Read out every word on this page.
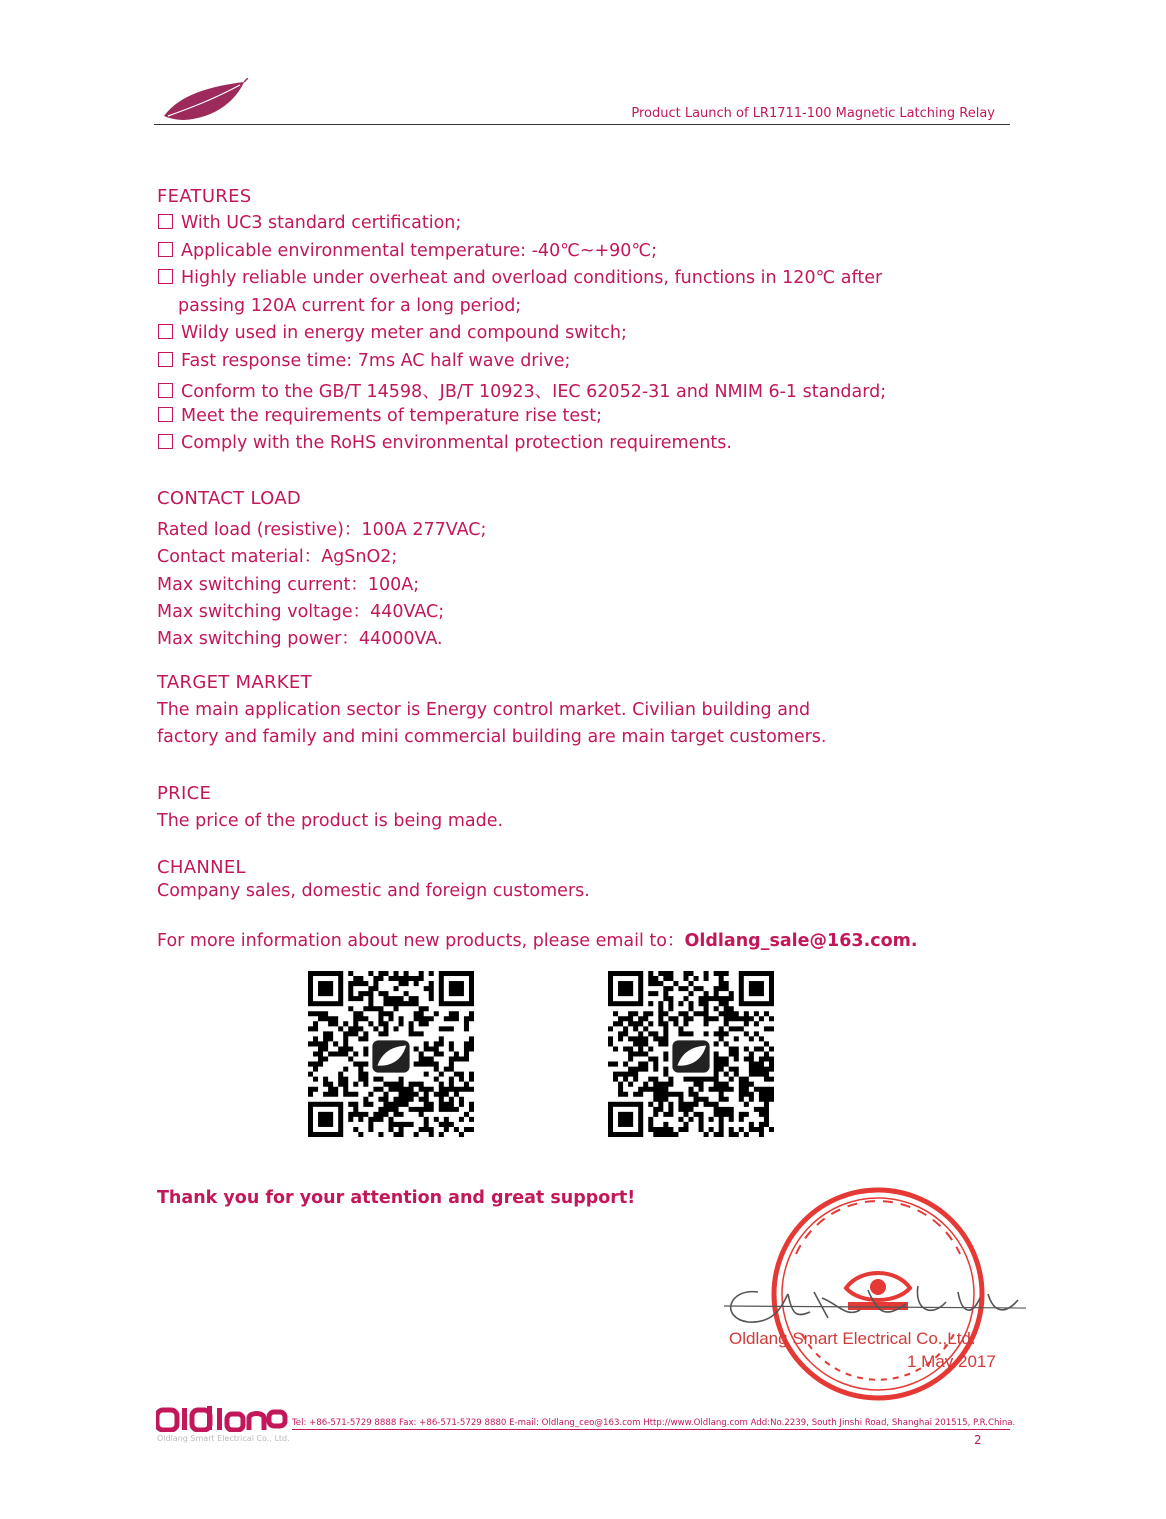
Product Launch of LR1711-100 Magnetic Latching Relay
FEATURES
With UC3 standard certification;
Applicable environmental temperature: -40℃~+90℃;
Highly reliable under overheat and overload conditions, functions in 120℃ after
passing 120A current for a long period;
Wildy used in energy meter and compound switch;
Fast response time: 7ms AC half wave drive;
Conform to the GB/T 14598、JB/T 10923、IEC 62052-31 and NMIM 6-1 standard;
Meet the requirements of temperature rise test;
Comply with the RoHS environmental protection requirements.
CONTACT LOAD
Rated load (resistive)：100A 277VAC;
Contact material：AgSnO2;
Max switching current：100A;
Max switching voltage：440VAC;
Max switching power：44000VA.
TARGET MARKET
The main application sector is Energy control market. Civilian building and
factory and family and mini commercial building are main target customers.
PRICE
The price of the product is being made.
CHANNEL
Company sales, domestic and foreign customers.
For more information about new products, please email to：Oldlang_sale@163.com.
Thank you for your attention and great support!
Oldlang Smart Electrical Co.,Ltd.
1 May 2017
Tel: +86-571-5729 8888 Fax: +86-571-5729 8880 E-mail: Oldlang_ceo@163.com Http://www.Oldlang.com Add:No.2239, South Jinshi Road, Shanghai 201515, P.R.China.
Oldlang Smart Electrical Co., Ltd.	2
